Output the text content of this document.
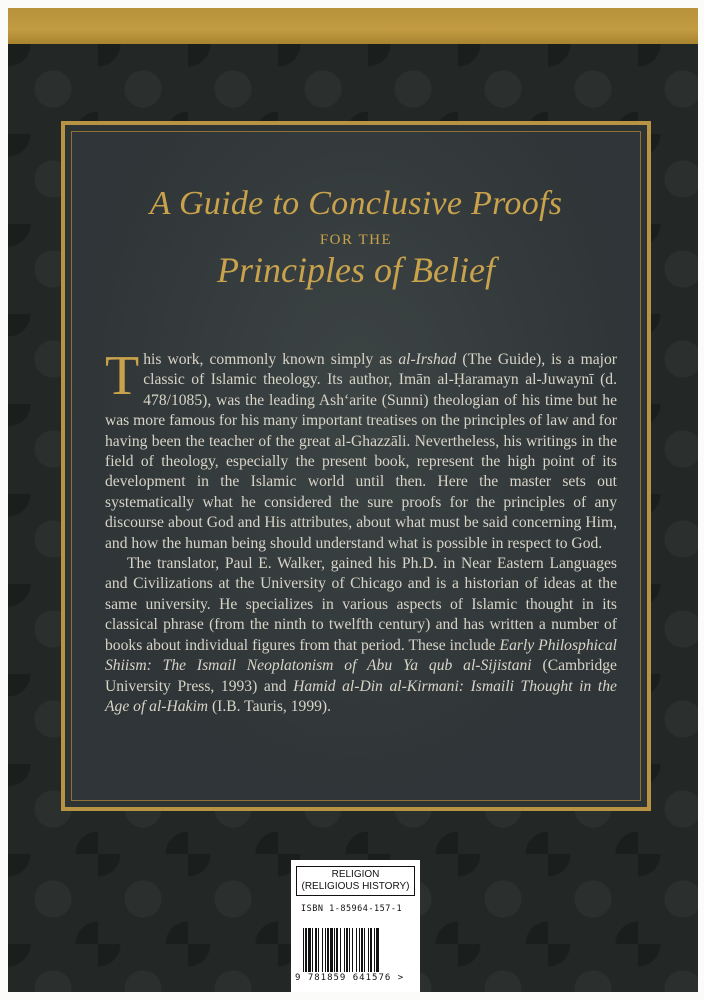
A Guide to Conclusive Proofs
FOR THE
Principles of Belief

This work, commonly known simply as al-Irshad (The Guide), is a major classic of Islamic theology. Its author, Imān al-Ḥaramayn al-Juwaynī (d. 478/1085), was the leading Ash‘arite (Sunni) theologian of his time but he was more famous for his many important treatises on the principles of law and for having been the teacher of the great al-Ghazzāli. Nevertheless, his writings in the field of theology, especially the present book, represent the high point of its development in the Islamic world until then. Here the master sets out systematically what he considered the sure proofs for the principles of any discourse about God and His attributes, about what must be said concerning Him, and how the human being should understand what is possible in respect to God.

The translator, Paul E. Walker, gained his Ph.D. in Near Eastern Languages and Civilizations at the University of Chicago and is a historian of ideas at the same university. He specializes in various aspects of Islamic thought in its classical phrase (from the ninth to twelfth century) and has written a number of books about individual figures from that period. These include Early Philosphical Shiism: The Ismail Neoplatonism of Abu Ya qub al-Sijistani (Cambridge University Press, 1993) and Hamid al-Din al-Kirmani: Ismaili Thought in the Age of al-Hakim (I.B. Tauris, 1999).

RELIGION
(RELIGIOUS HISTORY)
ISBN 1-85964-157-1
9 781859 641576 >
